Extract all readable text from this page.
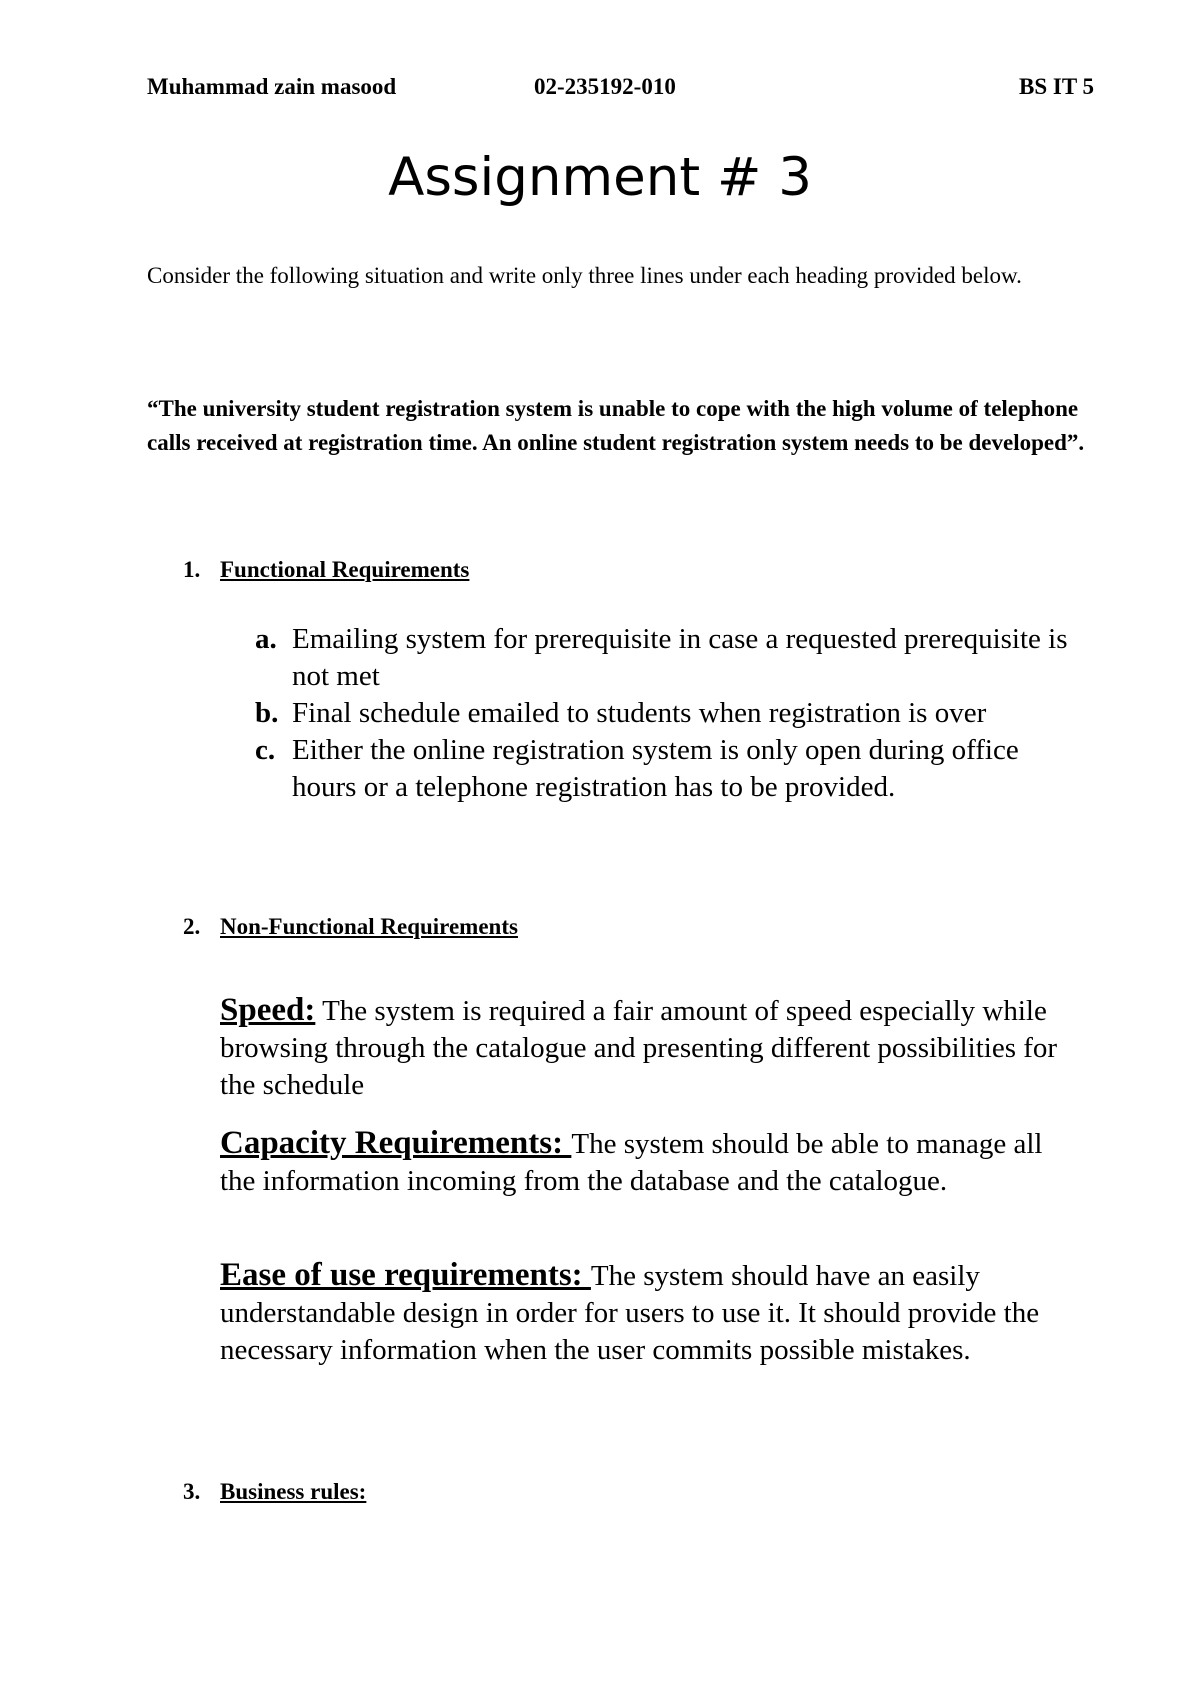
Muhammad zain masood	02-235192-010	BS IT 5
Assignment # 3
Consider the following situation and write only three lines under each heading provided below.
“The university student registration system is unable to cope with the high volume of telephone calls received at registration time. An online student registration system needs to be developed”.
1. Functional Requirements
a. Emailing system for prerequisite in case a requested prerequisite is not met
b. Final schedule emailed to students when registration is over
c. Either the online registration system is only open during office hours or a telephone registration has to be provided.
2. Non-Functional Requirements
Speed: The system is required a fair amount of speed especially while browsing through the catalogue and presenting different possibilities for the schedule
Capacity Requirements: The system should be able to manage all the information incoming from the database and the catalogue.
Ease of use requirements: The system should have an easily understandable design in order for users to use it. It should provide the necessary information when the user commits possible mistakes.
3. Business rules:
